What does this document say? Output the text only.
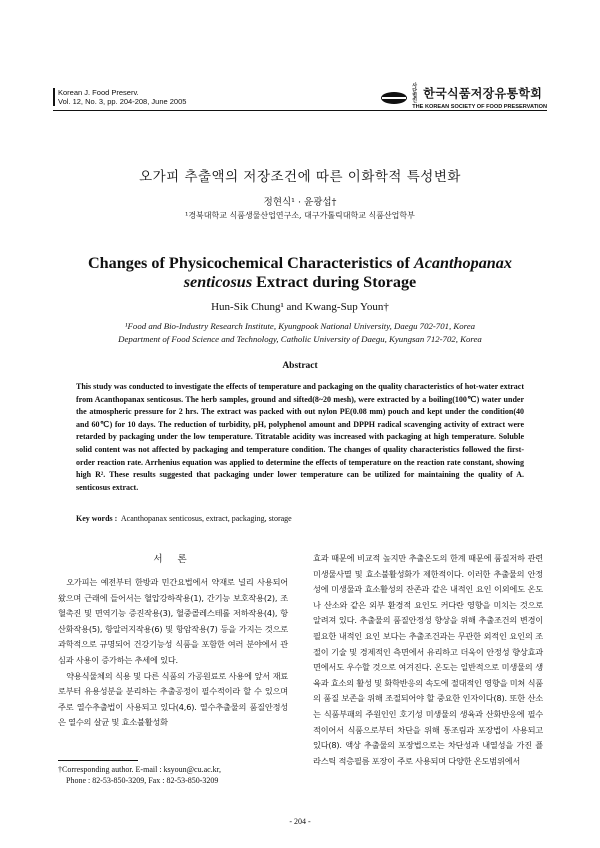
Korean J. Food Preserv.
Vol. 12, No. 3, pp. 204-208, June 2005
사단법인한국식품저장유통학회
THE KOREAN SOCIETY OF FOOD PRESERVATION
오가피 추출액의 저장조건에 따른 이화학적 특성변화
정현식¹ · 윤광섭†
¹경북대학교 식품생물산업연구소, 대구가톨릭대학교 식품산업학부
Changes of Physicochemical Characteristics of Acanthopanax senticosus Extract during Storage
Hun-Sik Chung¹ and Kwang-Sup Youn†
¹Food and Bio-Industry Research Institute, Kyungpook National University, Daegu 702-701, Korea
Department of Food Science and Technology, Catholic University of Daegu, Kyungsan 712-702, Korea
Abstract
This study was conducted to investigate the effects of temperature and packaging on the quality characteristics of hot-water extract from Acanthopanax senticosus. The herb samples, ground and sifted(8~20 mesh), were extracted by a boiling(100℃) water under the atmospheric pressure for 2 hrs. The extract was packed with out nylon PE(0.08 mm) pouch and kept under the condition(40 and 60℃) for 10 days. The reduction of turbidity, pH, polyphenol amount and DPPH radical scavenging activity of extract were retarded by packaging under the low temperature. Titratable acidity was increased with packaging at high temperature. Soluble solid content was not affected by packaging and temperature condition. The changes of quality characteristics followed the first-order reaction rate. Arrhenius equation was applied to determine the effects of temperature on the reaction rate constant, showing high R². These results suggested that packaging under lower temperature can be utilized for maintaining the quality of A. senticosus extract.
Key words : Acanthopanax senticosus, extract, packaging, storage
서 론

오가피는 예전부터 한방과 민간요법에서 약재로 널리 사용되어 왔으며 근래에 들어서는 혈압강하작용(1), 간기능 보호작용(2), 조혈촉진 및 면역기능 증진작용(3), 혈중콜레스테롤 저하작용(4), 항산화작용(5), 항알러지작용(6) 및 항암작용(7) 등을 가지는 것으로 과학적으로 규명되어 건강기능성 식품을 포함한 여러 분야에서 관심과 사용이 증가하는 추세에 있다.

약용식물체의 식용 및 다른 식품의 가공원료로 사용에 앞서 재료로부터 유용성분을 분리하는 추출공정이 필수적이라 할 수 있으며 주로 열수추출법이 사용되고 있다(4,6). 열수추출물의 품질안정성은 열수의 살균 및 효소불활성화

효과 때문에 비교적 높지만 추출온도의 한계 때문에 품질저하 관련 미생물사멸 및 효소불활성화가 제한적이다. 이러한 추출물의 안정성에 미생물과 효소활성의 잔존과 같은 내적인 요인 이외에도 온도나 산소와 같은 외부 환경적 요인도 커다란 영향을 미치는 것으로 알려져 있다. 추출물의 품질안정성 향상을 위해 추출조건의 변경이 필요한 내적인 요인 보다는 추출조건과는 무관한 외적인 요인의 조절이 기술 및 경제적인 측면에서 유리하고 더욱이 안정성 향상효과 면에서도 우수할 것으로 여겨진다. 온도는 일반적으로 미생물의 생육과 효소의 활성 및 화학반응의 속도에 절대적인 영향을 미쳐 식품의 품질 보존을 위해 조절되어야 할 중요한 인자이다(8). 또한 산소는 식품부패의 주원인인 호기성 미생물의 생육과 산화반응에 필수적이어서 식품으로부터 차단을 위해 통조림과 포장법이 사용되고 있다(8). 액상 추출물의 포장법으로는 차단성과 내열성을 가진 플라스틱 적층필름 포장이 주로 사용되며 다양한 온도범위에서

†Corresponding author. E-mail : ksyoun@cu.ac.kr,
Phone : 82-53-850-3209, Fax : 82-53-850-3209
- 204 -
